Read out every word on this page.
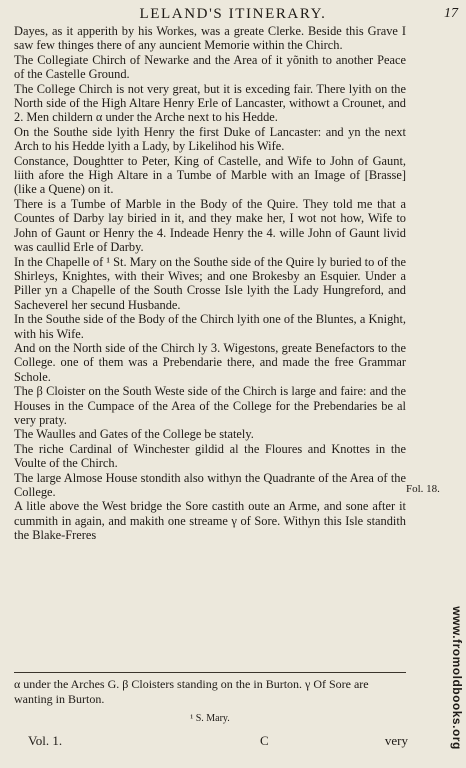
LELAND'S ITINERARY.	17

Dayes, as it apperith by his Workes, was a greate Clerke. Beside this Grave I saw few thinges there of any auncient Memorie within the Chirch.

The Collegiate Chirch of Newarke and the Area of it yõnith to another Peace of the Castelle Ground.

The College Chirch is not very great, but it is exceding fair. There lyith on the North side of the High Altare Henry Erle of Lancaster, withowt a Crounet, and 2. Men childern α under the Arche next to his Hedde.

On the Southe side lyith Henry the first Duke of Lancaster: and yn the next Arch to his Hedde lyith a Lady, by Likelihod his Wife.

Constance, Doughtter to Peter, King of Castelle, and Wife to John of Gaunt, liith afore the High Altare in a Tumbe of Marble with an Image of [Brasse] (like a Quene) on it.

There is a Tumbe of Marble in the Body of the Quire. They told me that a Countes of Darby lay biried in it, and they make her, I wot not how, Wife to John of Gaunt or Henry the 4. Indeade Henry the 4. wille John of Gaunt livid was caullid Erle of Darby.

In the Chapelle of ¹ St. Mary on the Southe side of the Quire ly buried to of the Shirleys, Knightes, with their Wives; and one Brokesby an Esquier. Under a Piller yn a Chapelle of the South Crosse Isle lyith the Lady Hungreford, and Sacheverel her secund Husbande.

In the Southe side of the Body of the Chirch lyith one of the Bluntes, a Knight, with his Wife.

And on the North side of the Chirch ly 3. Wigestons, greate Benefactors to the College. one of them was a Prebendarie there, and made the free Grammar Schole.

The β Cloister on the South Weste side of the Chirch is large and faire: and the Houses in the Cumpace of the Area of the College for the Prebendaries be al very praty.

The Waulles and Gates of the College be stately.

The riche Cardinal of Winchester gildid al the Floures and Knottes in the Voulte of the Chirch.

The large Almose House stondith also withyn the Quadrante of the Area of the College.

A litle above the West bridge the Sore castith oute an Arme, and sone after it cummith in again, and makith one streame γ of Sore. Withyn this Isle standith the Blake-Freres

Fol. 18.
www.fromoldbooks.org

α under the Arches G. β Cloisters standing on the in Burton. γ Of Sore are wanting in Burton.

¹ S. Mary.
Vol. 1.	C	very
